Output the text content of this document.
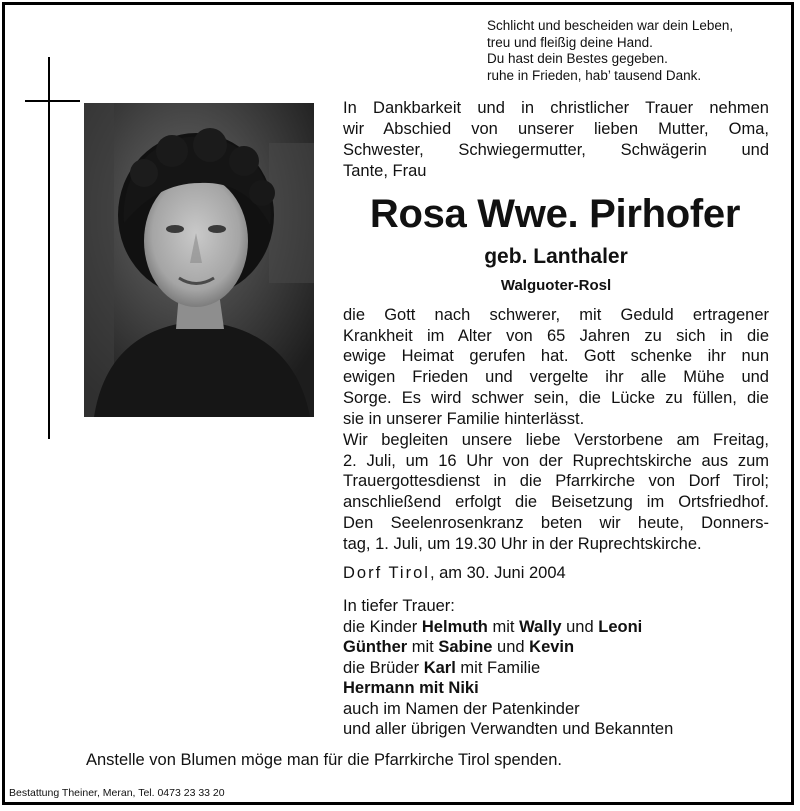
Schlicht und bescheiden war dein Leben,
treu und fleißig deine Hand.
Du hast dein Bestes gegeben.
ruhe in Frieden, hab’ tausend Dank.
In Dankbarkeit und in christlicher Trauer nehmen
wir Abschied von unserer lieben Mutter, Oma,
Schwester, Schwiegermutter, Schwägerin und
Tante, Frau
Rosa Wwe. Pirhofer
geb. Lanthaler
Walguoter-Rosl
die Gott nach schwerer, mit Geduld ertragener
Krankheit im Alter von 65 Jahren zu sich in die
ewige Heimat gerufen hat. Gott schenke ihr nun
ewigen Frieden und vergelte ihr alle Mühe und
Sorge. Es wird schwer sein, die Lücke zu füllen, die
sie in unserer Familie hinterlässt.
Wir begleiten unsere liebe Verstorbene am Freitag,
2. Juli, um 16 Uhr von der Ruprechtskirche aus zum
Trauergottesdienst in die Pfarrkirche von Dorf Tirol;
anschließend erfolgt die Beisetzung im Ortsfriedhof.
Den Seelenrosenkranz beten wir heute, Donners-
tag, 1. Juli, um 19.30 Uhr in der Ruprechtskirche.
Dorf Tirol, am 30. Juni 2004
In tiefer Trauer:
die Kinder Helmuth mit Wally und Leoni
Günther mit Sabine und Kevin
die Brüder Karl mit Familie
Hermann mit Niki
auch im Namen der Patenkinder
und aller übrigen Verwandten und Bekannten
Anstelle von Blumen möge man für die Pfarrkirche Tirol spenden.
Bestattung Theiner, Meran, Tel. 0473 23 33 20
